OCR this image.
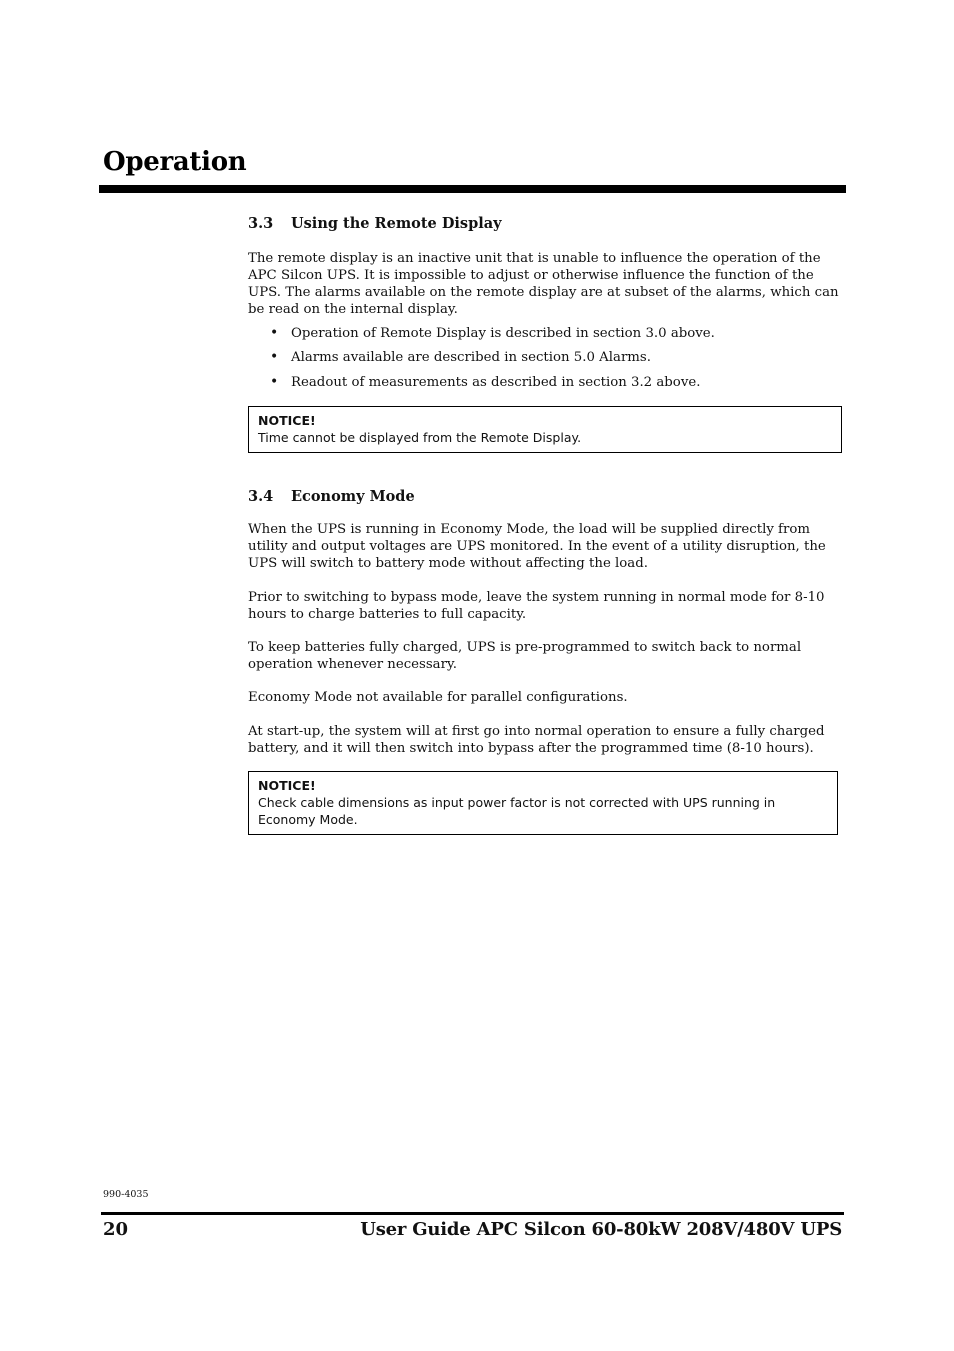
Operation
3.3	Using the Remote Display

The remote display is an inactive unit that is unable to influence the operation of the APC Silcon UPS. It is impossible to adjust or otherwise influence the function of the UPS. The alarms available on the remote display are at subset of the alarms, which can be read on the internal display.

• Operation of Remote Display is described in section 3.0 above.
• Alarms available are described in section 5.0 Alarms.
• Readout of measurements as described in section 3.2 above.
NOTICE!
Time cannot be displayed from the Remote Display.
3.4	Economy Mode

When the UPS is running in Economy Mode, the load will be supplied directly from utility and output voltages are UPS monitored. In the event of a utility disruption, the UPS will switch to battery mode without affecting the load.

Prior to switching to bypass mode, leave the system running in normal mode for 8-10 hours to charge batteries to full capacity.

To keep batteries fully charged, UPS is pre-programmed to switch back to normal operation whenever necessary.

Economy Mode not available for parallel configurations.

At start-up, the system will at first go into normal operation to ensure a fully charged battery, and it will then switch into bypass after the programmed time (8-10 hours).

NOTICE!
Check cable dimensions as input power factor is not corrected with UPS running in Economy Mode.
990-4035
20	User Guide APC Silcon 60-80kW 208V/480V UPS
